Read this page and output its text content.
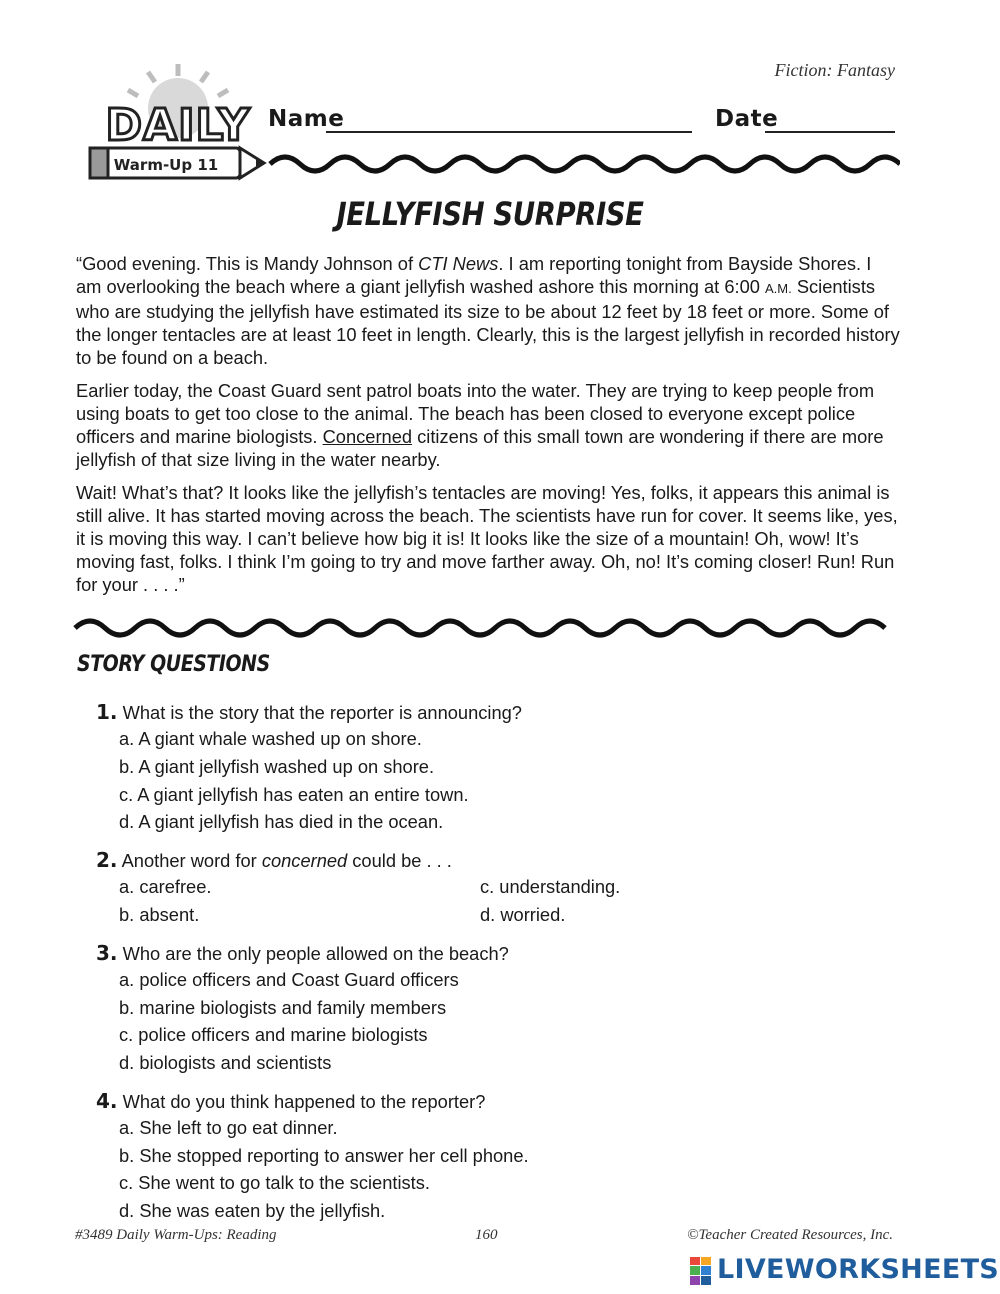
Fiction: Fantasy
DAILY
Warm-Up 11
Name	Date
JELLYFISH SURPRISE

“Good evening. This is Mandy Johnson of CTI News. I am reporting tonight from Bayside Shores. I am overlooking the beach where a giant jellyfish washed ashore this morning at 6:00 A.M. Scientists who are studying the jellyfish have estimated its size to be about 12 feet by 18 feet or more. Some of the longer tentacles are at least 10 feet in length. Clearly, this is the largest jellyfish in recorded history to be found on a beach.

Earlier today, the Coast Guard sent patrol boats into the water. They are trying to keep people from using boats to get too close to the animal. The beach has been closed to everyone except police officers and marine biologists. Concerned citizens of this small town are wondering if there are more jellyfish of that size living in the water nearby.

Wait! What’s that? It looks like the jellyfish’s tentacles are moving! Yes, folks, it appears this animal is still alive. It has started moving across the beach. The scientists have run for cover. It seems like, yes, it is moving this way. I can’t believe how big it is! It looks like the size of a mountain! Oh, wow! It’s moving fast, folks. I think I’m going to try and move farther away. Oh, no! It’s coming closer! Run! Run for your . . . .”

STORY QUESTIONS
1. What is the story that the reporter is announcing?
a. A giant whale washed up on shore.
b. A giant jellyfish washed up on shore.
c. A giant jellyfish has eaten an entire town.
d. A giant jellyfish has died in the ocean.
2. Another word for concerned could be . . .
a. carefree.
b. absent.
c. understanding.
d. worried.
3. Who are the only people allowed on the beach?
a. police officers and Coast Guard officers
b. marine biologists and family members
c. police officers and marine biologists
d. biologists and scientists
4. What do you think happened to the reporter?
a. She left to go eat dinner.
b. She stopped reporting to answer her cell phone.
c. She went to go talk to the scientists.
d. She was eaten by the jellyfish.
#3489 Daily Warm-Ups: Reading	160	©Teacher Created Resources, Inc.
LIVEWORKSHEETS
